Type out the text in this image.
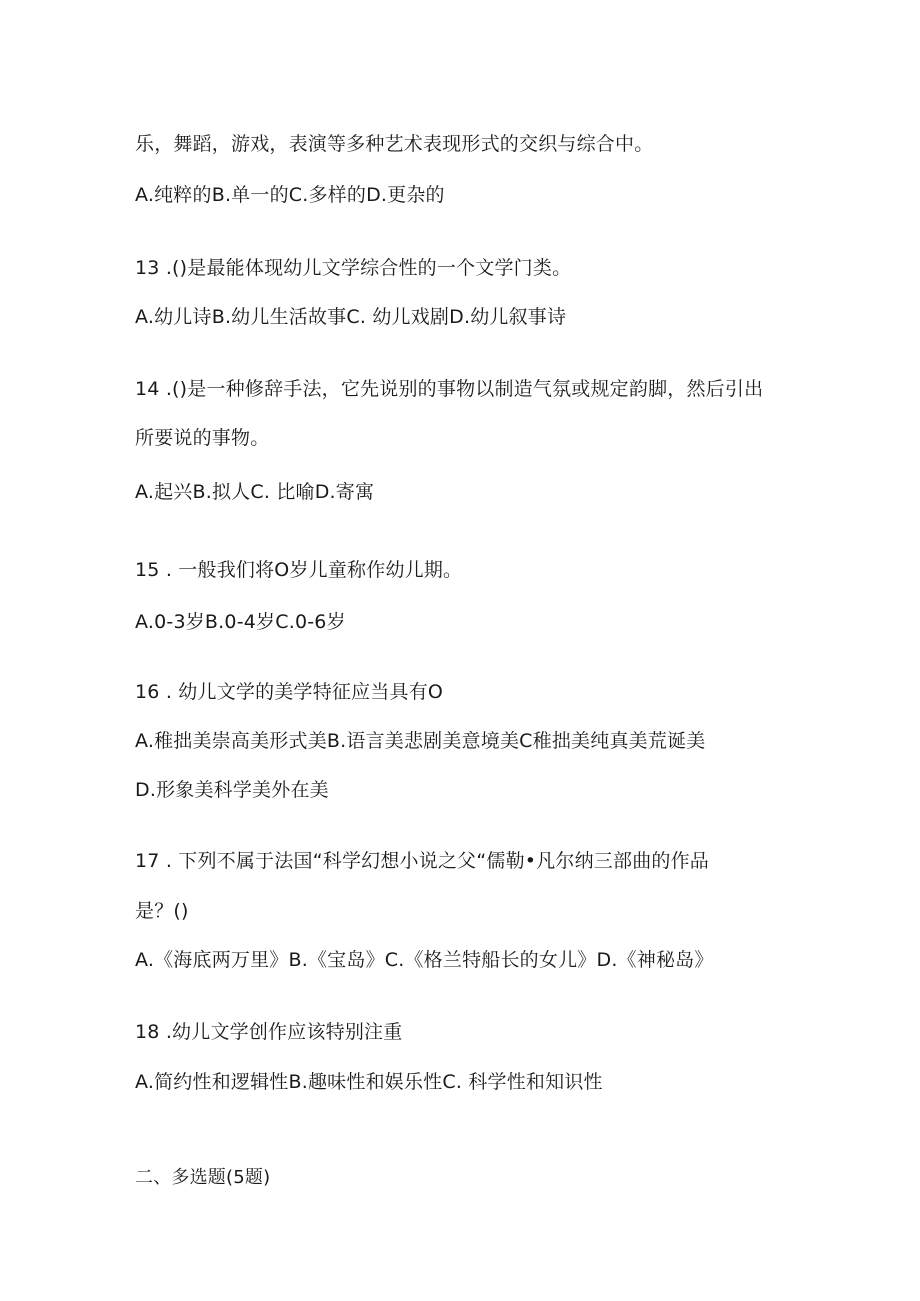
乐，舞蹈，游戏，表演等多种艺术表现形式的交织与综合中。
A.纯粹的B.单一的C.多样的D.更杂的
13 .()是最能体现幼儿文学综合性的一个文学门类。
A.幼儿诗B.幼儿生活故事C. 幼儿戏剧D.幼儿叙事诗
14 .()是一种修辞手法，它先说别的事物以制造气氛或规定韵脚，然后引出
所要说的事物。
A.起兴B.拟人C. 比喻D.寄寓
15 . 一般我们将O岁儿童称作幼儿期。
A.0-3岁B.0-4岁C.0-6岁
16 . 幼儿文学的美学特征应当具有O
A.稚拙美崇高美形式美B.语言美悲剧美意境美C稚拙美纯真美荒诞美
D.形象美科学美外在美
17 . 下列不属于法国“科学幻想小说之父“儒勒•凡尔纳三部曲的作品
是？()
A.《海底两万里》B.《宝岛》C.《格兰特船长的女儿》D.《神秘岛》
18 .幼儿文学创作应该特别注重
A.简约性和逻辑性B.趣味性和娱乐性C. 科学性和知识性
二、多选题(5题)
